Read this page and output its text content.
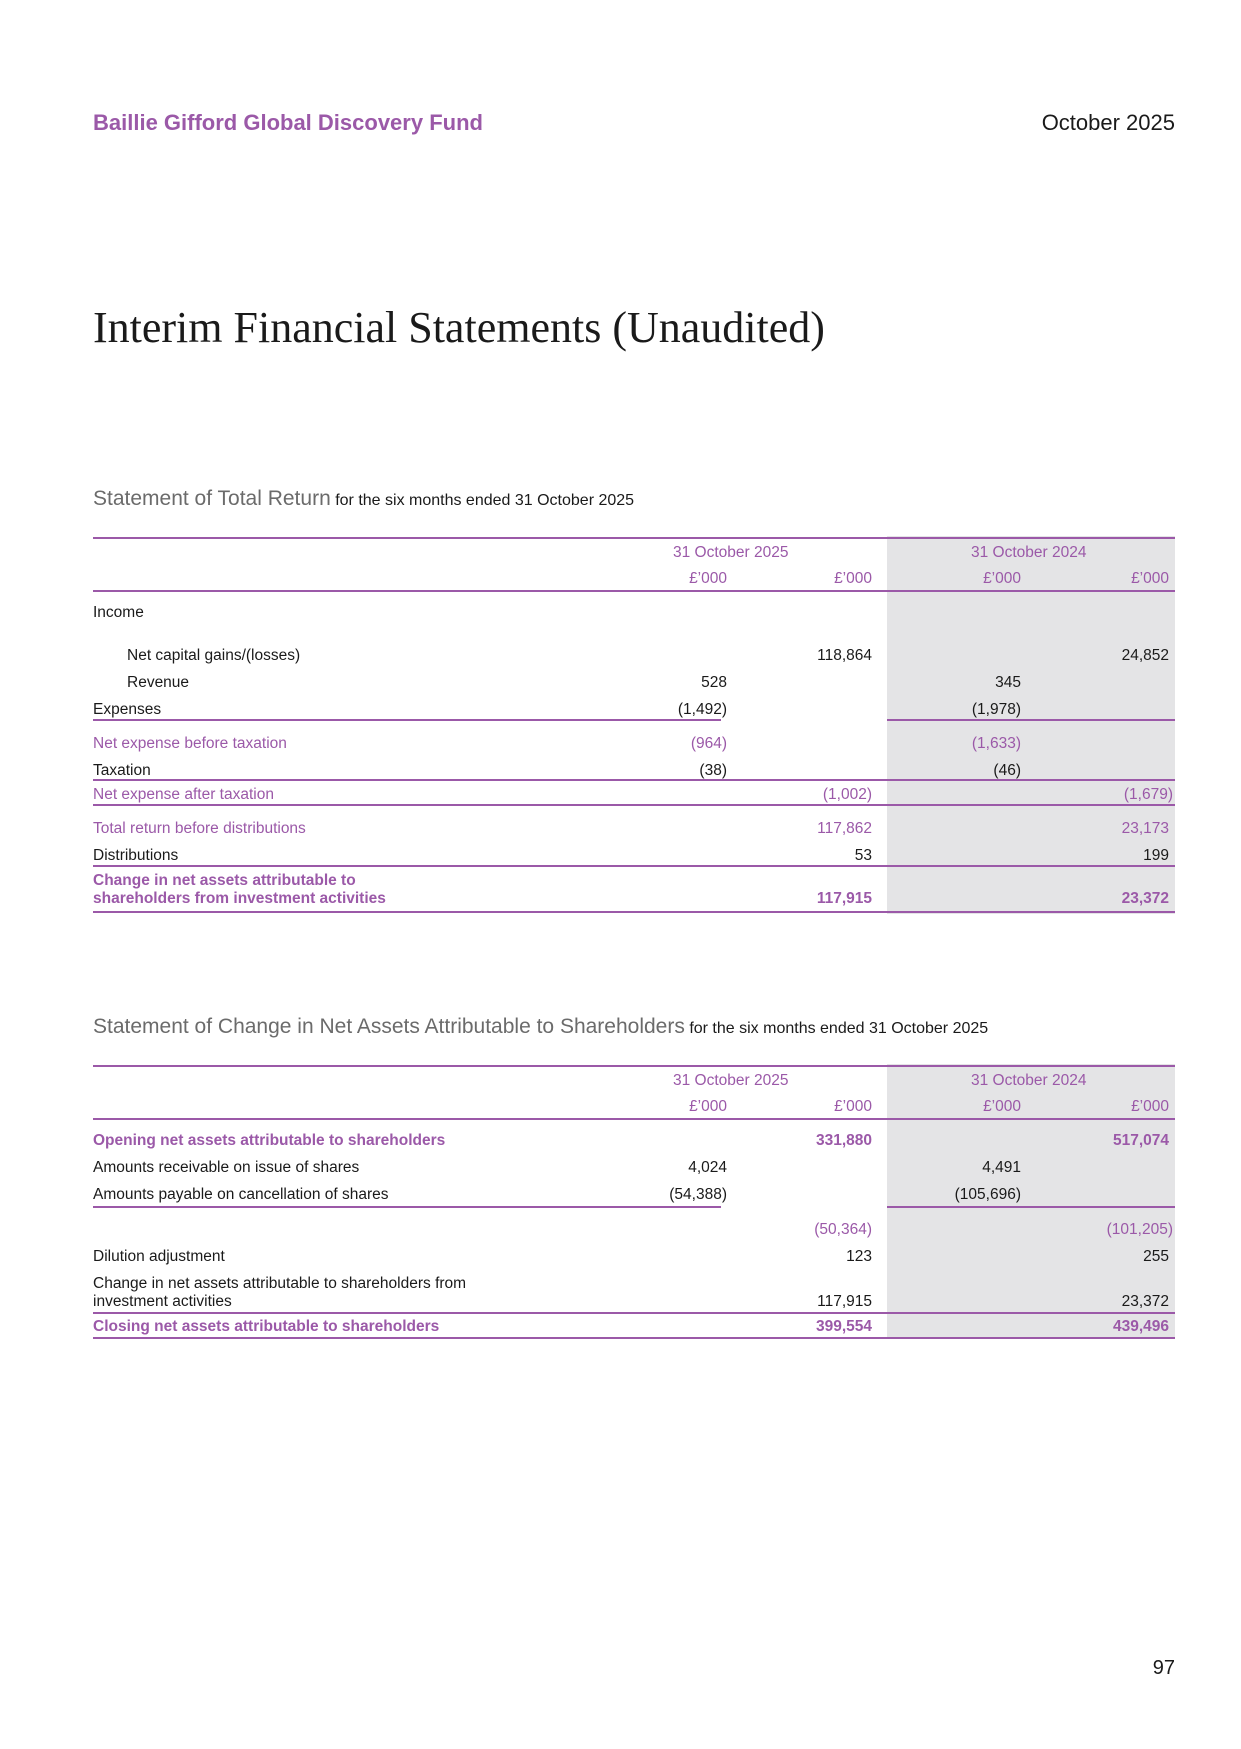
Baillie Gifford Global Discovery Fund	October 2025
Interim Financial Statements (Unaudited)
Statement of Total Return for the six months ended 31 October 2025
31 October 2025	31 October 2024
£’000	£’000	£’000	£’000
Income
Net capital gains/(losses)	118,864	24,852
Revenue	528	345
Expenses	(1,492)	(1,978)
Net expense before taxation	(964)	(1,633)
Taxation	(38)	(46)
Net expense after taxation	(1,002)	(1,679)
Total return before distributions	117,862	23,173
Distributions	53	199
Change in net assets attributable to
shareholders from investment activities	117,915	23,372
Statement of Change in Net Assets Attributable to Shareholders for the six months ended 31 October 2025
31 October 2025	31 October 2024
£’000	£’000	£’000	£’000
Opening net assets attributable to shareholders	331,880	517,074
Amounts receivable on issue of shares	4,024	4,491
Amounts payable on cancellation of shares	(54,388)	(105,696)
(50,364)	(101,205)
Dilution adjustment	123	255
Change in net assets attributable to shareholders from
investment activities	117,915	23,372
Closing net assets attributable to shareholders	399,554	439,496
97
